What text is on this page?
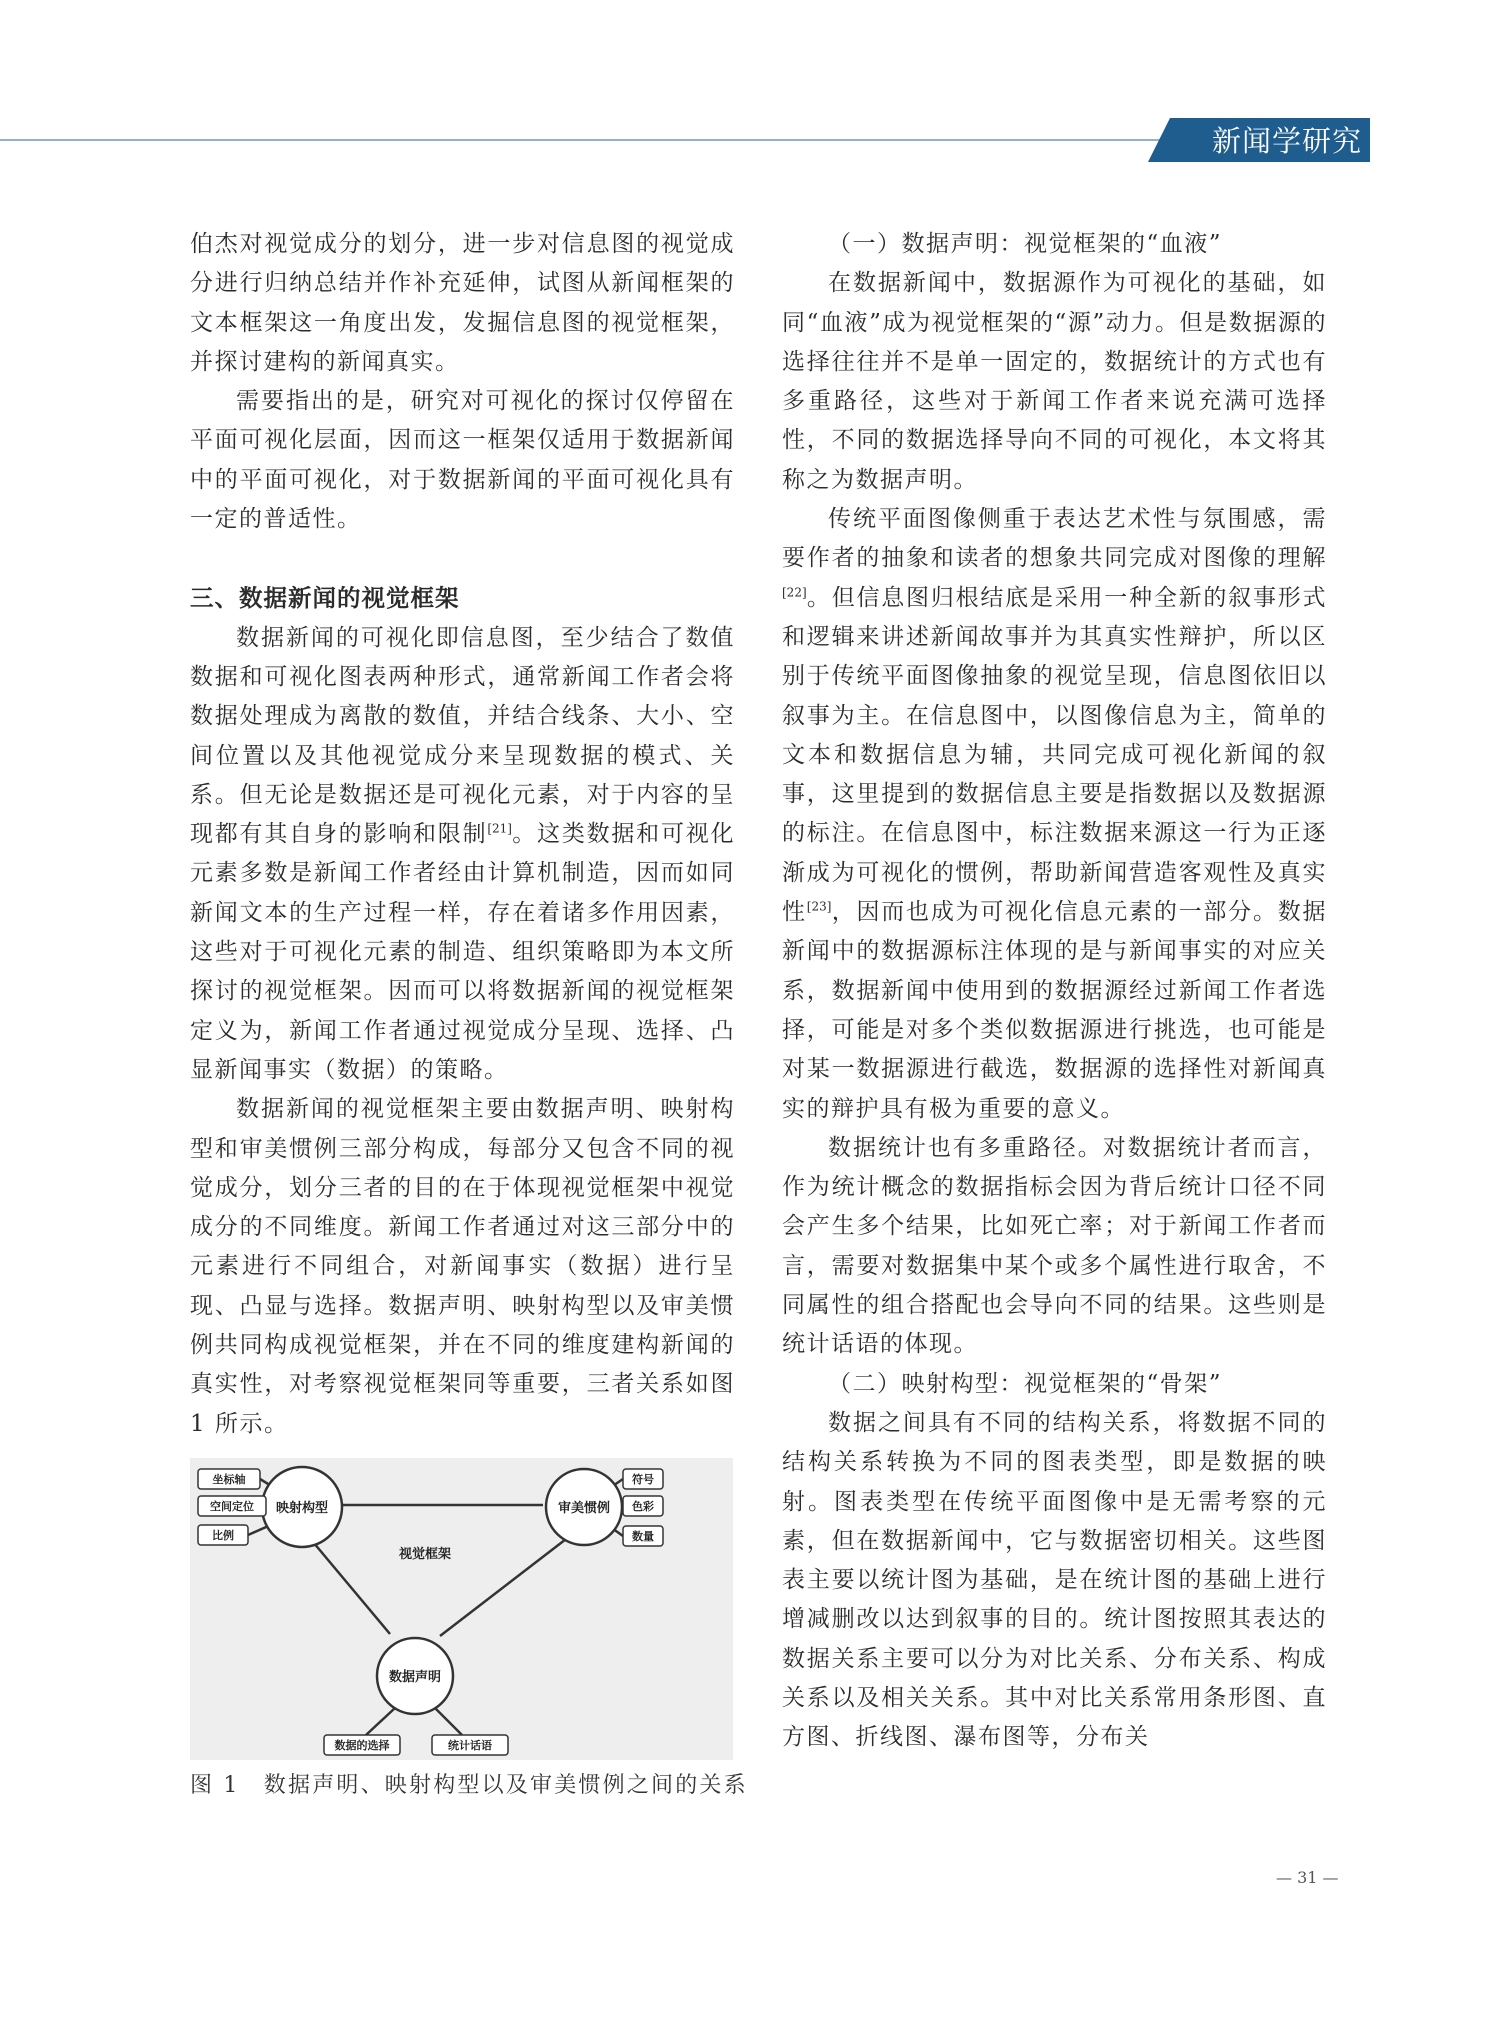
新闻学研究

伯杰对视觉成分的划分，进一步对信息图的视觉成分进行归纳总结并作补充延伸，试图从新闻框架的文本框架这一角度出发，发掘信息图的视觉框架，并探讨建构的新闻真实。

需要指出的是，研究对可视化的探讨仅停留在平面可视化层面，因而这一框架仅适用于数据新闻中的平面可视化，对于数据新闻的平面可视化具有一定的普适性。

三、数据新闻的视觉框架

数据新闻的可视化即信息图，至少结合了数值数据和可视化图表两种形式，通常新闻工作者会将数据处理成为离散的数值，并结合线条、大小、空间位置以及其他视觉成分来呈现数据的模式、关系。但无论是数据还是可视化元素，对于内容的呈现都有其自身的影响和限制[21]。这类数据和可视化元素多数是新闻工作者经由计算机制造，因而如同新闻文本的生产过程一样，存在着诸多作用因素，这些对于可视化元素的制造、组织策略即为本文所探讨的视觉框架。因而可以将数据新闻的视觉框架定义为，新闻工作者通过视觉成分呈现、选择、凸显新闻事实（数据）的策略。

数据新闻的视觉框架主要由数据声明、映射构型和审美惯例三部分构成，每部分又包含不同的视觉成分，划分三者的目的在于体现视觉框架中视觉成分的不同维度。新闻工作者通过对这三部分中的元素进行不同组合，对新闻事实（数据）进行呈现、凸显与选择。数据声明、映射构型以及审美惯例共同构成视觉框架，并在不同的维度建构新闻的真实性，对考察视觉框架同等重要，三者关系如图 1 所示。

映射构型	审美惯例
数据声明
视觉框架
坐标轴
空间定位
比例
符号
色彩
数量
数据的选择	统计话语
图 1　数据声明、映射构型以及审美惯例之间的关系

（一）数据声明：视觉框架的“血液”

在数据新闻中，数据源作为可视化的基础，如同“血液”成为视觉框架的“源”动力。但是数据源的选择往往并不是单一固定的，数据统计的方式也有多重路径，这些对于新闻工作者来说充满可选择性，不同的数据选择导向不同的可视化，本文将其称之为数据声明。

传统平面图像侧重于表达艺术性与氛围感，需要作者的抽象和读者的想象共同完成对图像的理解[22]。但信息图归根结底是采用一种全新的叙事形式和逻辑来讲述新闻故事并为其真实性辩护，所以区别于传统平面图像抽象的视觉呈现，信息图依旧以叙事为主。在信息图中，以图像信息为主，简单的文本和数据信息为辅，共同完成可视化新闻的叙事，这里提到的数据信息主要是指数据以及数据源的标注。在信息图中，标注数据来源这一行为正逐渐成为可视化的惯例，帮助新闻营造客观性及真实性[23]，因而也成为可视化信息元素的一部分。数据新闻中的数据源标注体现的是与新闻事实的对应关系，数据新闻中使用到的数据源经过新闻工作者选择，可能是对多个类似数据源进行挑选，也可能是对某一数据源进行截选，数据源的选择性对新闻真实的辩护具有极为重要的意义。

数据统计也有多重路径。对数据统计者而言，作为统计概念的数据指标会因为背后统计口径不同会产生多个结果，比如死亡率；对于新闻工作者而言，需要对数据集中某个或多个属性进行取舍，不同属性的组合搭配也会导向不同的结果。这些则是统计话语的体现。

（二）映射构型：视觉框架的“骨架”

数据之间具有不同的结构关系，将数据不同的结构关系转换为不同的图表类型，即是数据的映射。图表类型在传统平面图像中是无需考察的元素，但在数据新闻中，它与数据密切相关。这些图表主要以统计图为基础，是在统计图的基础上进行增减删改以达到叙事的目的。统计图按照其表达的数据关系主要可以分为对比关系、分布关系、构成关系以及相关关系。其中对比关系常用条形图、直方图、折线图、瀑布图等，分布关

— 31 —
